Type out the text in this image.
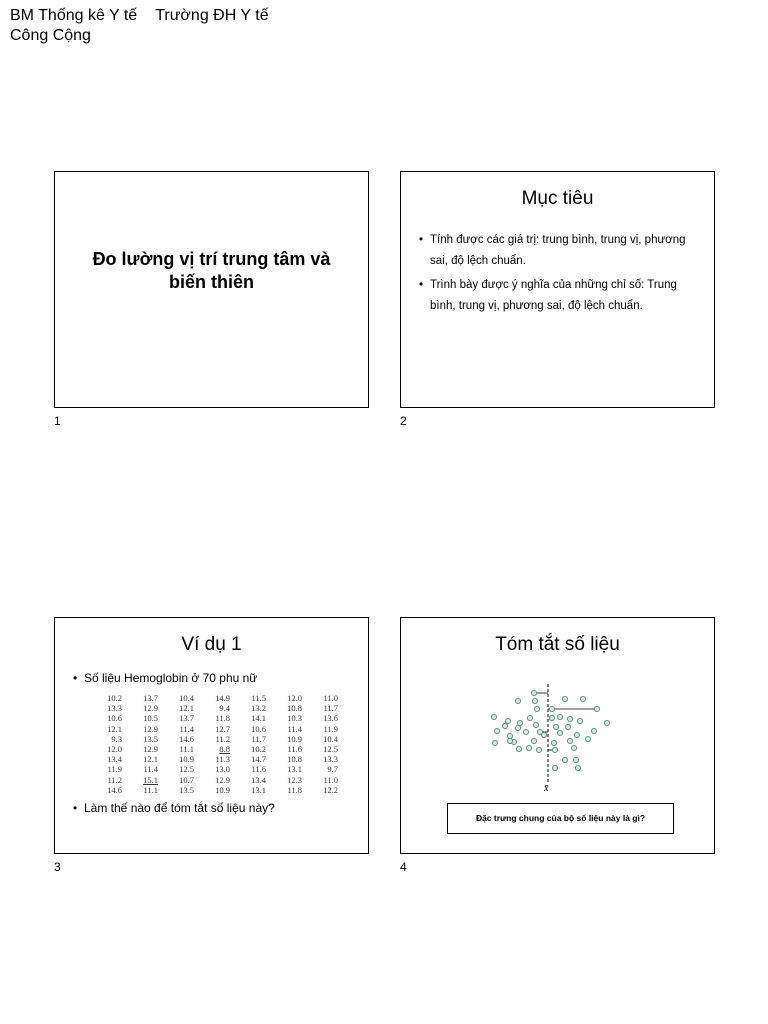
BM Thống kê Y tế Trường ĐH Y tế
Công Cộng
Đo lường vị trí trung tâm và biến thiên
1
Mục tiêu
• Tính được các giá trị: trung bình, trung vị, phương sai, độ lệch chuẩn.
• Trình bày được ý nghĩa của những chỉ số: Trung bình, trung vị, phương sai, độ lệch chuẩn.
2
Ví dụ 1
• Số liệu Hemoglobin ở 70 phụ nữ
10.2	13.7	10.4	14.9	11.5	12.0	11.0
13.3	12.9	12.1	9.4	13.2	10.8	11.7
10.6	10.5	13.7	11.8	14.1	10.3	13.6
12.1	12.9	11.4	12.7	10.6	11.4	11.9
9.3	13.5	14.6	11.2	11.7	10.9	10.4
12.0	12.9	11.1	8.8	10.2	11.6	12.5
13.4	12.1	10.9	11.3	14.7	10.8	13.3
11.9	11.4	12.5	13.0	11.6	13.1	9.7
11.2	15.1	10.7	12.9	13.4	12.3	11.0
14.6	11.1	13.5	10.9	13.1	11.8	12.2
• Làm thế nào để tóm tắt số liệu này?
3
Tóm tắt số liệu
x̄
Đặc trưng chung của bộ số liệu này là gì?
4
